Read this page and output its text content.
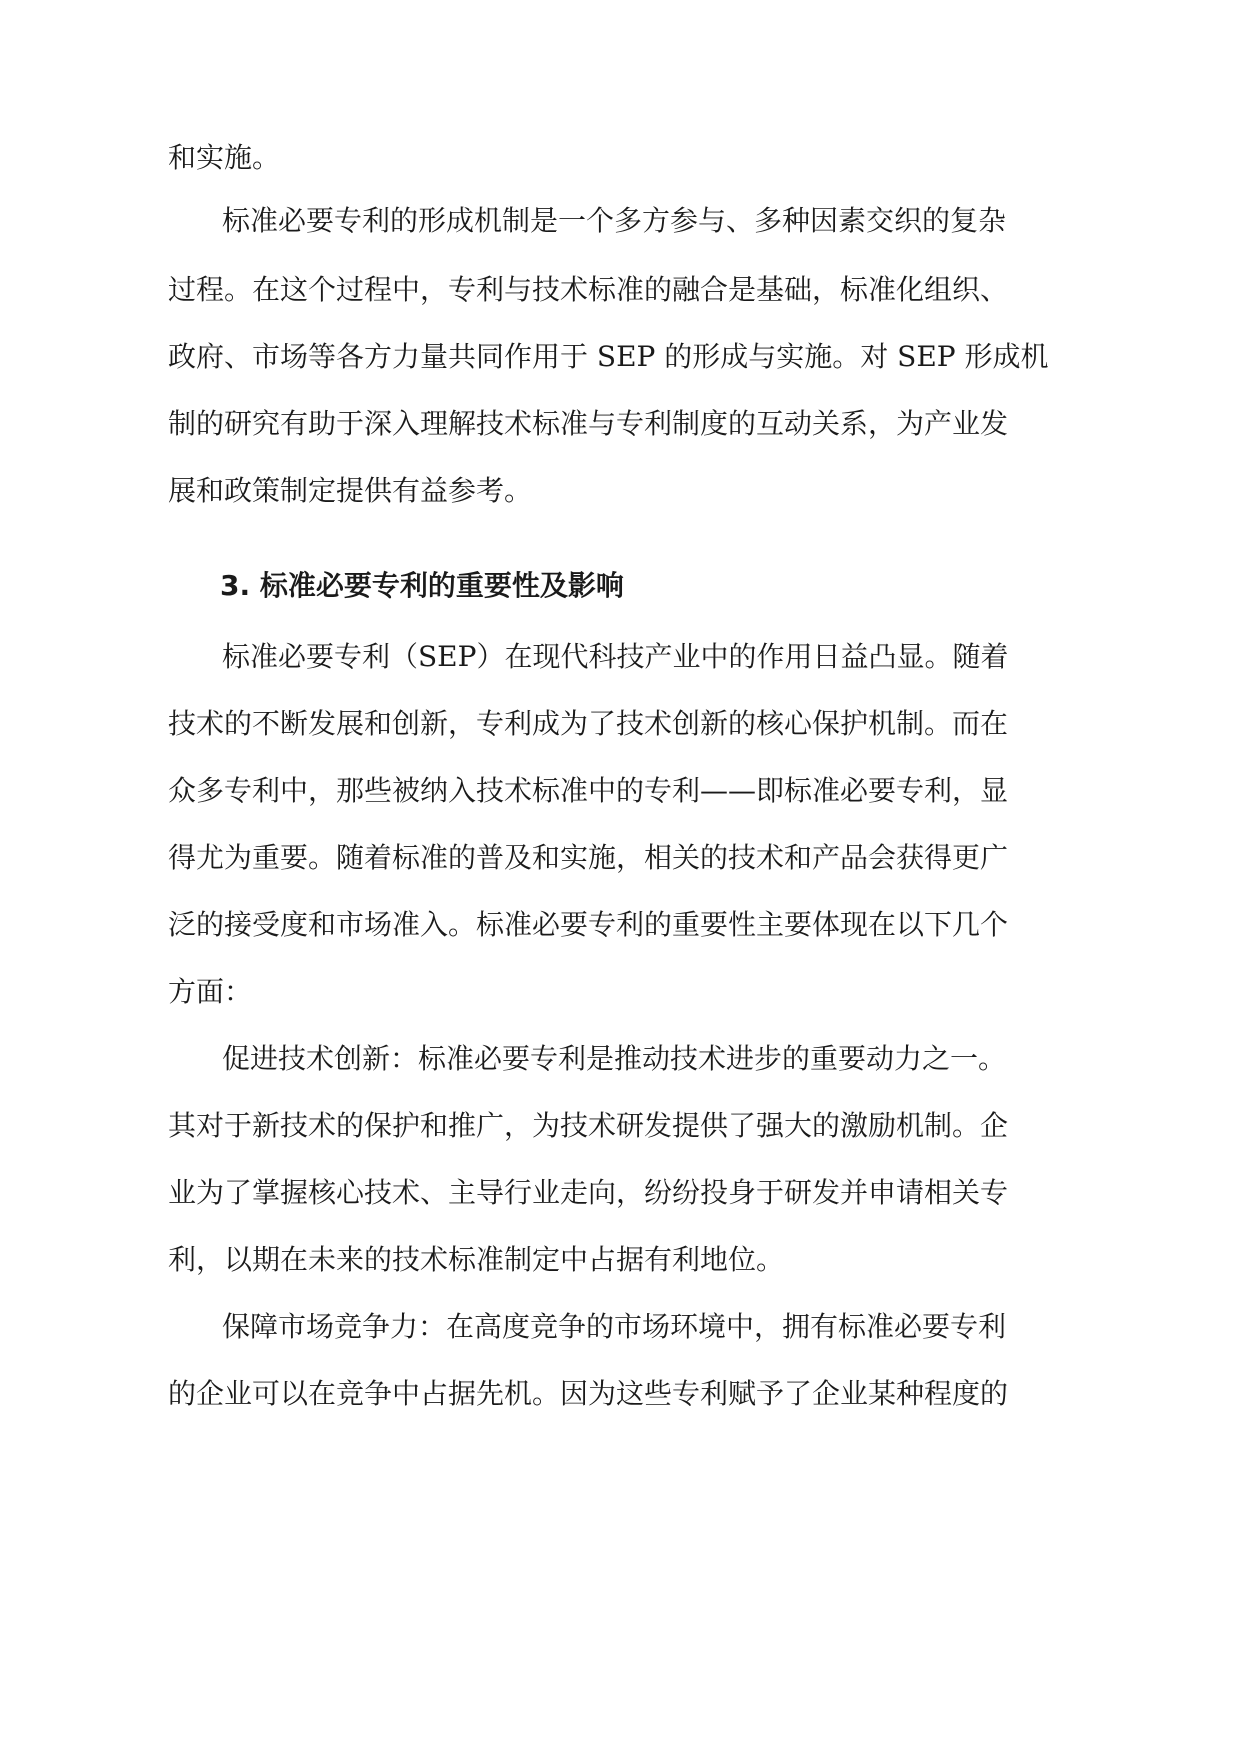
和实施。

标准必要专利的形成机制是一个多方参与、多种因素交织的复杂

过程。在这个过程中，专利与技术标准的融合是基础，标准化组织、

政府、市场等各方力量共同作用于 SEP 的形成与实施。对 SEP 形成机

制的研究有助于深入理解技术标准与专利制度的互动关系，为产业发

展和政策制定提供有益参考。

3. 标准必要专利的重要性及影响

标准必要专利（SEP）在现代科技产业中的作用日益凸显。随着

技术的不断发展和创新，专利成为了技术创新的核心保护机制。而在

众多专利中，那些被纳入技术标准中的专利——即标准必要专利，显

得尤为重要。随着标准的普及和实施，相关的技术和产品会获得更广

泛的接受度和市场准入。标准必要专利的重要性主要体现在以下几个

方面：

促进技术创新：标准必要专利是推动技术进步的重要动力之一。

其对于新技术的保护和推广，为技术研发提供了强大的激励机制。企

业为了掌握核心技术、主导行业走向，纷纷投身于研发并申请相关专

利，以期在未来的技术标准制定中占据有利地位。

保障市场竞争力：在高度竞争的市场环境中，拥有标准必要专利

的企业可以在竞争中占据先机。因为这些专利赋予了企业某种程度的
